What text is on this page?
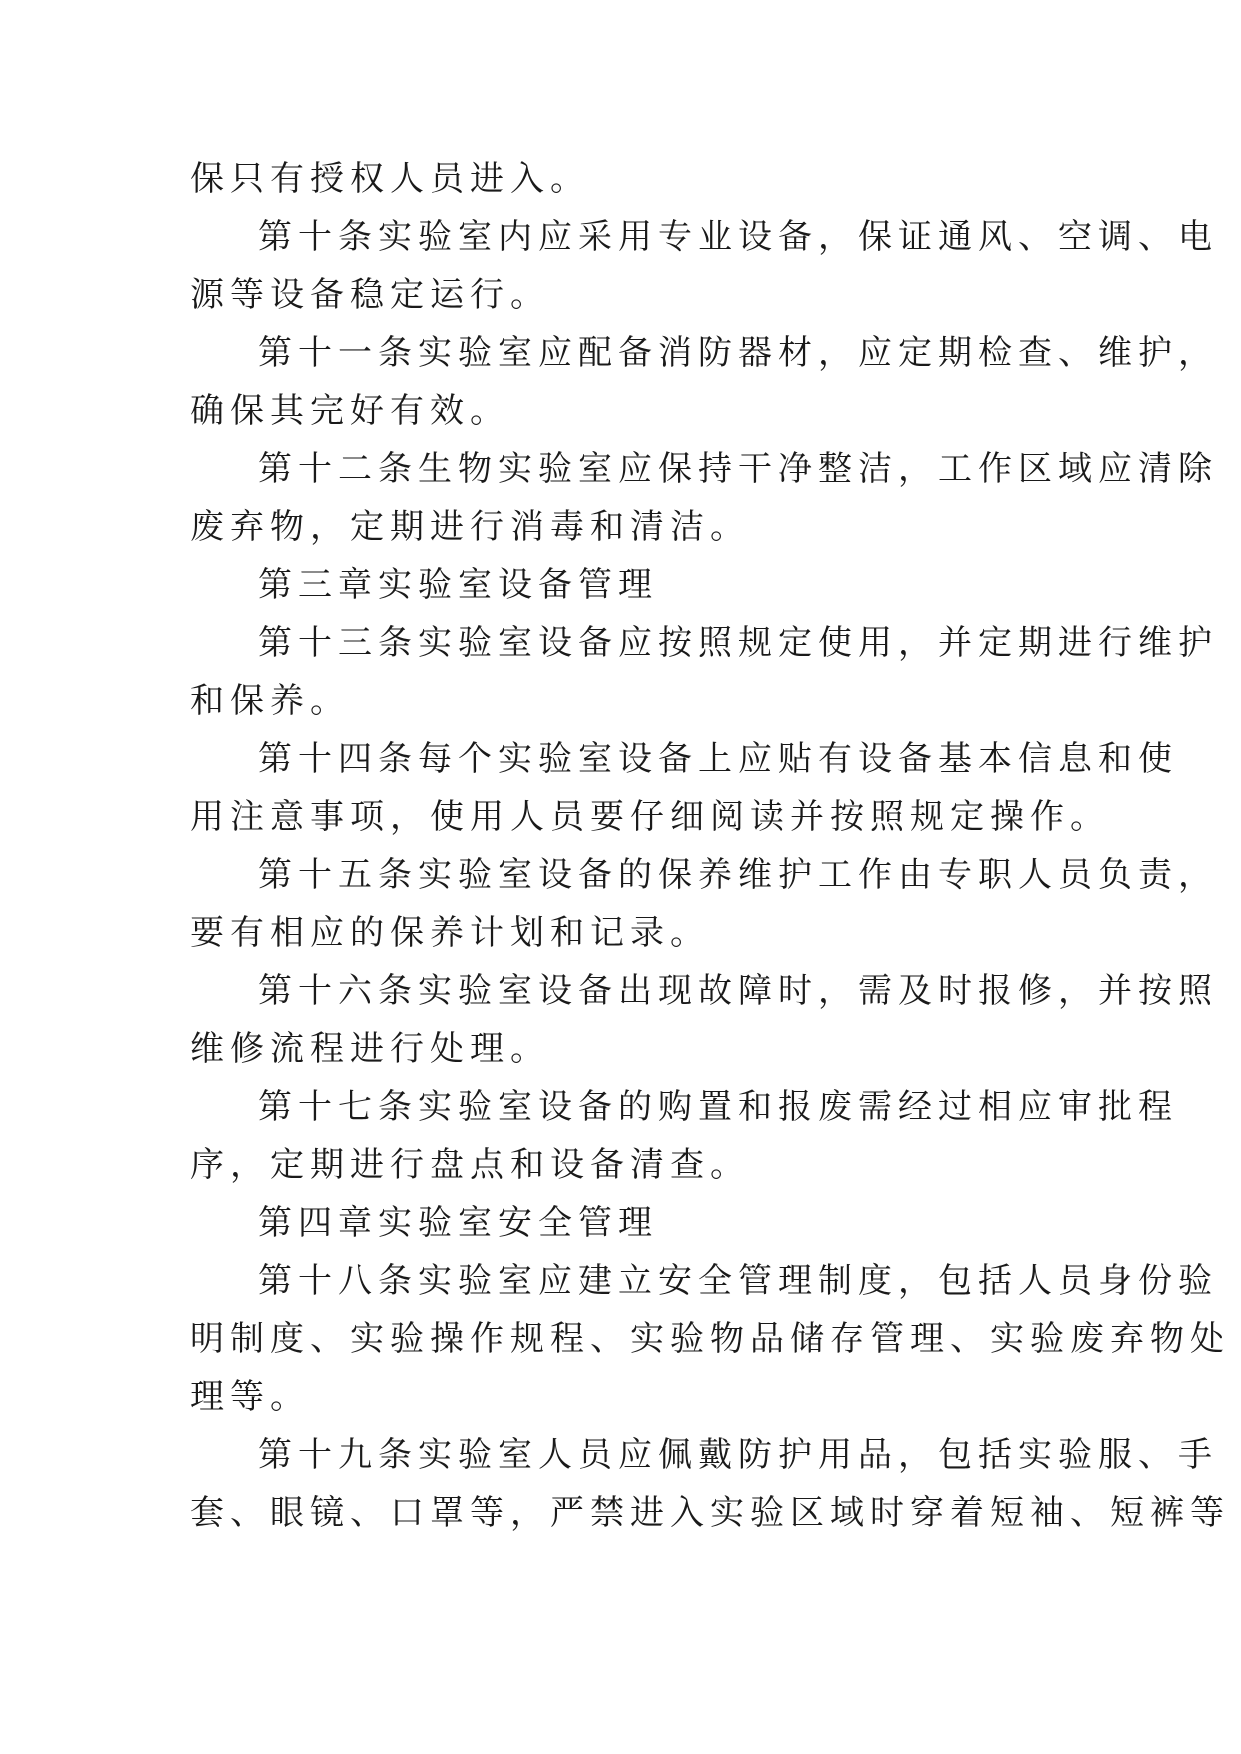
保只有授权人员进入。
第十条实验室内应采用专业设备，保证通风、空调、电
源等设备稳定运行。
第十一条实验室应配备消防器材，应定期检查、维护，
确保其完好有效。
第十二条生物实验室应保持干净整洁，工作区域应清除
废弃物，定期进行消毒和清洁。
第三章实验室设备管理
第十三条实验室设备应按照规定使用，并定期进行维护
和保养。
第十四条每个实验室设备上应贴有设备基本信息和使
用注意事项，使用人员要仔细阅读并按照规定操作。
第十五条实验室设备的保养维护工作由专职人员负责，
要有相应的保养计划和记录。
第十六条实验室设备出现故障时，需及时报修，并按照
维修流程进行处理。
第十七条实验室设备的购置和报废需经过相应审批程
序，定期进行盘点和设备清查。
第四章实验室安全管理
第十八条实验室应建立安全管理制度，包括人员身份验
明制度、实验操作规程、实验物品储存管理、实验废弃物处
理等。
第十九条实验室人员应佩戴防护用品，包括实验服、手
套、眼镜、口罩等，严禁进入实验区域时穿着短袖、短裤等
